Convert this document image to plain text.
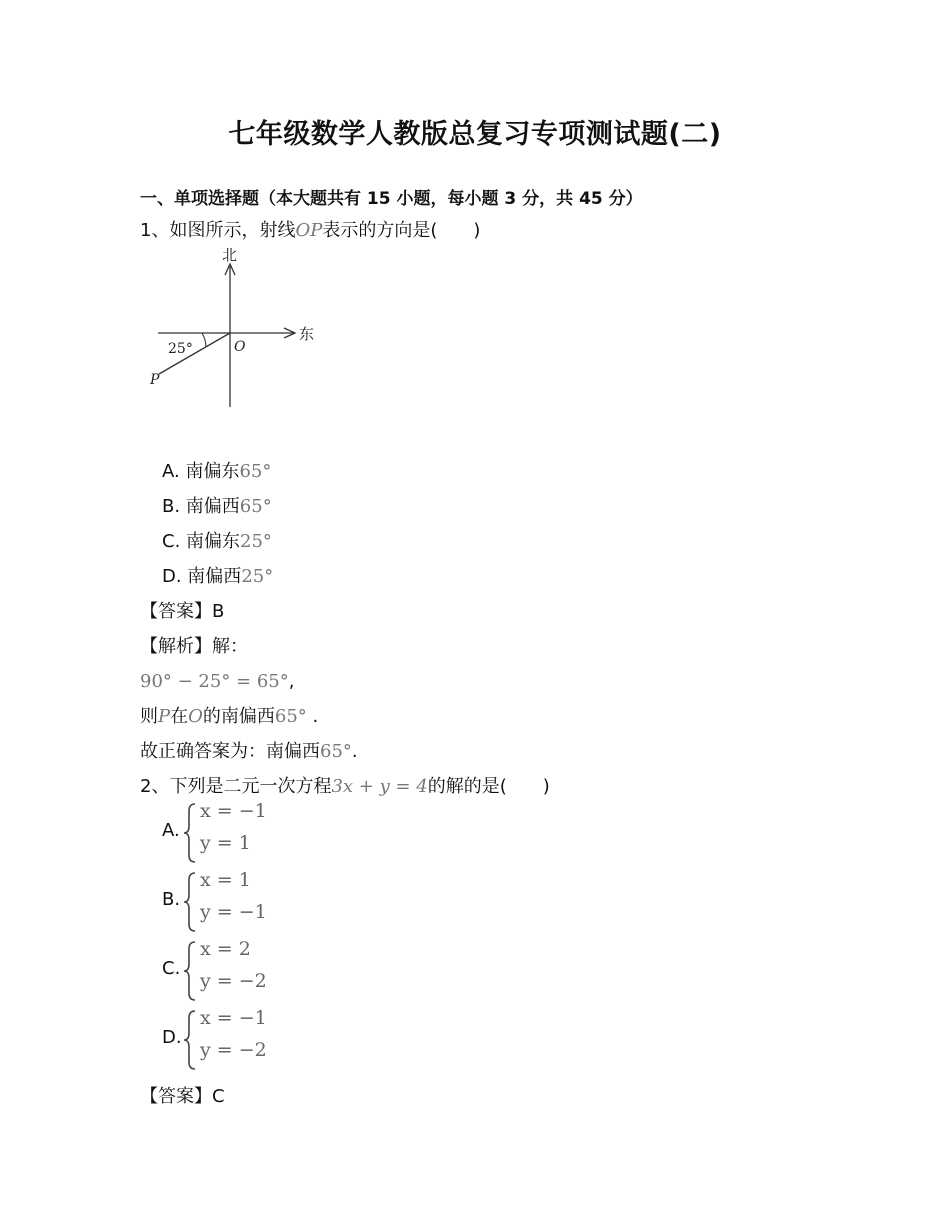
七年级数学人教版总复习专项测试题(二)
一、单项选择题（本大题共有 15 小题，每小题 3 分，共 45 分）
1、如图所示，射线OP表示的方向是(　　)
北
东
25°	O
P
A. 南偏东65°
B. 南偏西65°
C. 南偏东25°
D. 南偏西25°
【答案】B
【解析】解：
90° − 25° = 65°,
则P在O的南偏西65° .
故正确答案为：南偏西65°.
2、下列是二元一次方程3x + y = 4的解的是(　　)
A.
x = −1
y = 1
B.
x = 1
y = −1
C.
x = 2
y = −2
D.
x = −1
y = −2
【答案】C
